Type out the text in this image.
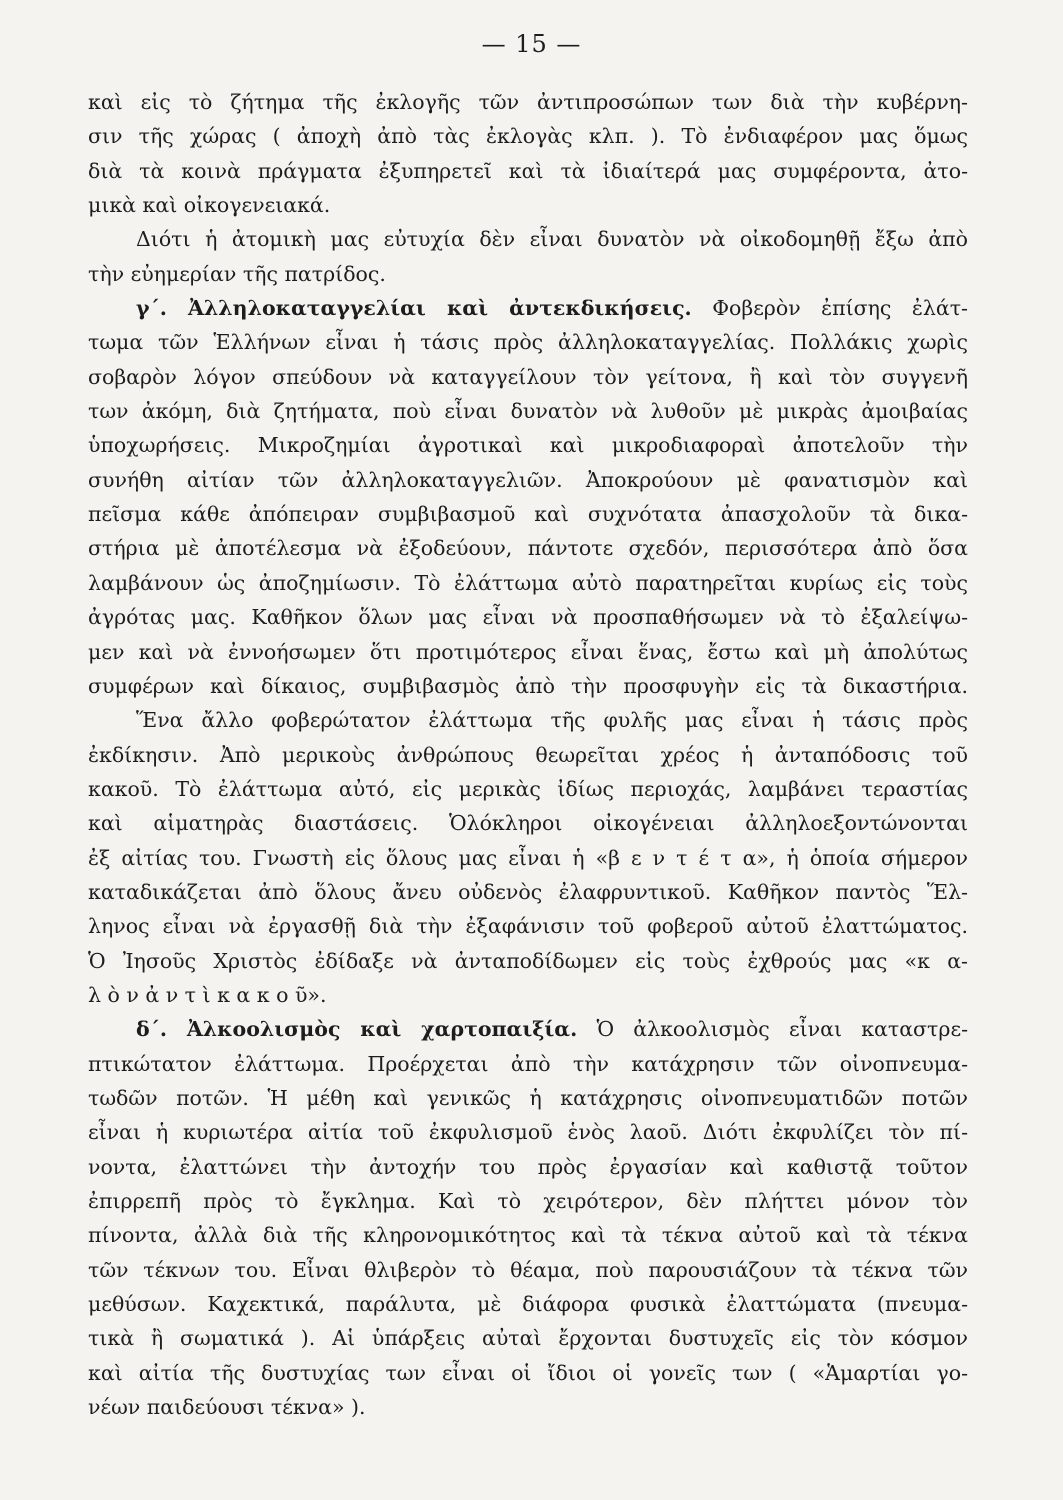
— 15 —
καὶ εἰς τὸ ζήτημα τῆς ἐκλογῆς τῶν ἀντιπροσώπων των διὰ τὴν κυβέρνη-
σιν τῆς χώρας ( ἀποχὴ ἀπὸ τὰς ἐκλογὰς κλπ. ). Τὸ ἐνδιαφέρον μας ὅμως
διὰ τὰ κοινὰ πράγματα ἐξυπηρετεῖ καὶ τὰ ἰδιαίτερά μας συμφέροντα, ἀτο-
μικὰ καὶ οἰκογενειακά.
Διότι ἡ ἀτομικὴ μας εὐτυχία δὲν εἶναι δυνατὸν νὰ οἰκοδομηθῇ ἔξω ἀπὸ
τὴν εὐημερίαν τῆς πατρίδος.
γ΄. Ἀλληλοκαταγγελίαι καὶ ἀντεκδικήσεις. Φοβερὸν ἐπίσης ἐλάτ-
τωμα τῶν Ἑλλήνων εἶναι ἡ τάσις πρὸς ἀλληλοκαταγγελίας. Πολλάκις χωρὶς
σοβαρὸν λόγον σπεύδουν νὰ καταγγείλουν τὸν γείτονα, ἢ καὶ τὸν συγγενῆ
των ἀκόμη, διὰ ζητήματα, ποὺ εἶναι δυνατὸν νὰ λυθοῦν μὲ μικρὰς ἀμοιβαίας
ὑποχωρήσεις. Μικροζημίαι ἀγροτικαὶ καὶ μικροδιαφοραὶ ἀποτελοῦν τὴν
συνήθη αἰτίαν τῶν ἀλληλοκαταγγελιῶν. Ἀποκρούουν μὲ φανατισμὸν καὶ
πεῖσμα κάθε ἀπόπειραν συμβιβασμοῦ καὶ συχνότατα ἀπασχολοῦν τὰ δικα-
στήρια μὲ ἀποτέλεσμα νὰ ἐξοδεύουν, πάντοτε σχεδόν, περισσότερα ἀπὸ ὅσα
λαμβάνουν ὡς ἀποζημίωσιν. Τὸ ἐλάττωμα αὐτὸ παρατηρεῖται κυρίως εἰς τοὺς
ἀγρότας μας. Καθῆκον ὅλων μας εἶναι νὰ προσπαθήσωμεν νὰ τὸ ἐξαλείψω-
μεν καὶ νὰ ἐννοήσωμεν ὅτι προτιμότερος εἶναι ἕνας, ἔστω καὶ μὴ ἀπολύτως
συμφέρων καὶ δίκαιος, συμβιβασμὸς ἀπὸ τὴν προσφυγὴν εἰς τὰ δικαστήρια.
Ἕνα ἄλλο φοβερώτατον ἐλάττωμα τῆς φυλῆς μας εἶναι ἡ τάσις πρὸς
ἐκδίκησιν. Ἀπὸ μερικοὺς ἀνθρώπους θεωρεῖται χρέος ἡ ἀνταπόδοσις τοῦ
κακοῦ. Τὸ ἐλάττωμα αὐτό, εἰς μερικὰς ἰδίως περιοχάς, λαμβάνει τεραστίας
καὶ αἱματηρὰς διαστάσεις. Ὁλόκληροι οἰκογένειαι ἀλληλοεξοντώνονται
ἐξ αἰτίας του. Γνωστὴ εἰς ὅλους μας εἶναι ἡ «β ε ν τ έ τ α», ἡ ὁποία σήμερον
καταδικάζεται ἀπὸ ὅλους ἄνευ οὐδενὸς ἐλαφρυντικοῦ. Καθῆκον παντὸς Ἕλ-
ληνος εἶναι νὰ ἐργασθῇ διὰ τὴν ἐξαφάνισιν τοῦ φοβεροῦ αὐτοῦ ἐλαττώματος.
Ὁ Ἰησοῦς Χριστὸς ἐδίδαξε νὰ ἀνταποδίδωμεν εἰς τοὺς ἐχθρούς μας «κ α-
λ ὸ ν ἀ ν τ ὶ κ α κ ο ῦ».
δ΄. Ἀλκοολισμὸς καὶ χαρτοπαιξία. Ὁ ἀλκοολισμὸς εἶναι καταστρε-
πτικώτατον ἐλάττωμα. Προέρχεται ἀπὸ τὴν κατάχρησιν τῶν οἰνοπνευμα-
τωδῶν ποτῶν. Ἡ μέθη καὶ γενικῶς ἡ κατάχρησις οἰνοπνευματιδῶν ποτῶν
εἶναι ἡ κυριωτέρα αἰτία τοῦ ἐκφυλισμοῦ ἑνὸς λαοῦ. Διότι ἐκφυλίζει τὸν πί-
νοντα, ἐλαττώνει τὴν ἀντοχήν του πρὸς ἐργασίαν καὶ καθιστᾷ τοῦτον
ἐπιρρεπῆ πρὸς τὸ ἔγκλημα. Καὶ τὸ χειρότερον, δὲν πλήττει μόνον τὸν
πίνοντα, ἀλλὰ διὰ τῆς κληρονομικότητος καὶ τὰ τέκνα αὐτοῦ καὶ τὰ τέκνα
τῶν τέκνων του. Εἶναι θλιβερὸν τὸ θέαμα, ποὺ παρουσιάζουν τὰ τέκνα τῶν
μεθύσων. Καχεκτικά, παράλυτα, μὲ διάφορα φυσικὰ ἐλαττώματα (πνευμα-
τικὰ ἢ σωματικά ). Αἱ ὑπάρξεις αὐταὶ ἔρχονται δυστυχεῖς εἰς τὸν κόσμον
καὶ αἰτία τῆς δυστυχίας των εἶναι οἱ ἴδιοι οἱ γονεῖς των ( «Ἁμαρτίαι γο-
νέων παιδεύουσι τέκνα» ).
